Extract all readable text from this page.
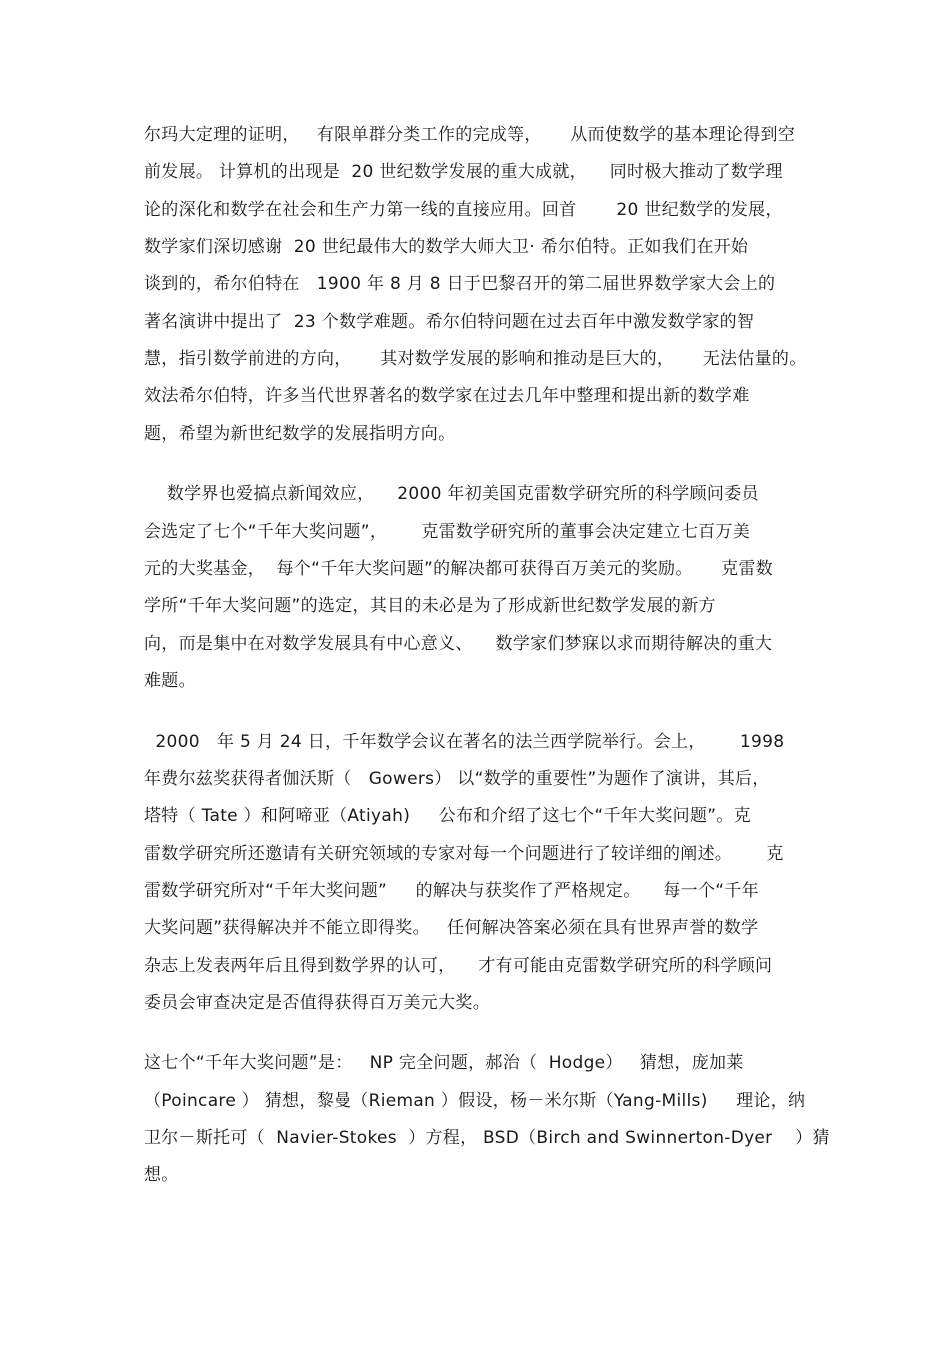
尔玛大定理的证明，   有限单群分类工作的完成等，     从而使数学的基本理论得到空
前发展。 计算机的出现是  20 世纪数学发展的重大成就，    同时极大推动了数学理
论的深化和数学在社会和生产力第一线的直接应用。回首       20 世纪数学的发展，
数学家们深切感谢  20 世纪最伟大的数学大师大卫· 希尔伯特。正如我们在开始
谈到的，希尔伯特在   1900 年 8 月 8 日于巴黎召开的第二届世界数学家大会上的
著名演讲中提出了  23 个数学难题。希尔伯特问题在过去百年中激发数学家的智
慧，指引数学前进的方向，     其对数学发展的影响和推动是巨大的，     无法估量的。
效法希尔伯特，许多当代世界著名的数学家在过去几年中整理和提出新的数学难
题，希望为新世纪数学的发展指明方向。
数学界也爱搞点新闻效应，    2000 年初美国克雷数学研究所的科学顾问委员
会选定了七个“千年大奖问题”，      克雷数学研究所的董事会决定建立七百万美
元的大奖基金，  每个“千年大奖问题”的解决都可获得百万美元的奖励。     克雷数
学所“千年大奖问题”的选定，其目的未必是为了形成新世纪数学发展的新方
向，而是集中在对数学发展具有中心意义、    数学家们梦寐以求而期待解决的重大
难题。
2000   年 5 月 24 日，千年数学会议在著名的法兰西学院举行。会上，      1998
年费尔兹奖获得者伽沃斯（   Gowers） 以“数学的重要性”为题作了演讲，其后，
塔特（ Tate ）和阿啼亚（Atiyah)     公布和介绍了这七个“千年大奖问题”。克
雷数学研究所还邀请有关研究领域的专家对每一个问题进行了较详细的阐述。      克
雷数学研究所对“千年大奖问题”     的解决与获奖作了严格规定。    每一个“千年
大奖问题”获得解决并不能立即得奖。   任何解决答案必须在具有世界声誉的数学
杂志上发表两年后且得到数学界的认可，    才有可能由克雷数学研究所的科学顾问
委员会审查决定是否值得获得百万美元大奖。
这七个“千年大奖问题”是：   NP 完全问题，郝治（  Hodge）   猜想，庞加莱
（Poincare ） 猜想，黎曼（Rieman ）假设，杨－米尔斯（Yang-Mills)     理论，纳
卫尔－斯托可（  Navier-Stokes  ）方程， BSD（Birch and Swinnerton-Dyer    ）猜
想。
